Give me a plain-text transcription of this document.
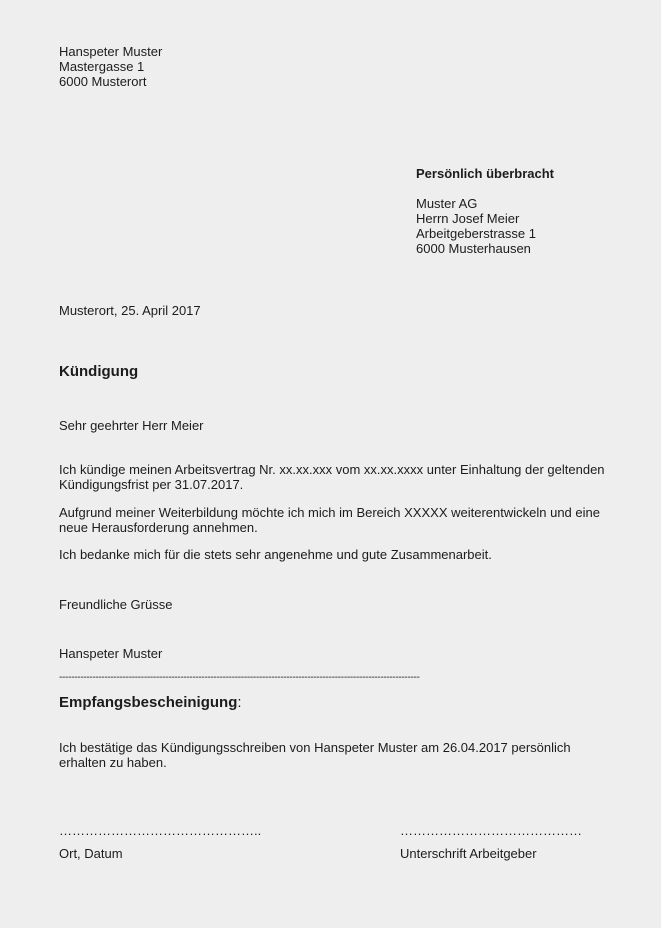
Hanspeter Muster
Mastergasse 1
6000 Musterort
Persönlich überbracht
Muster AG
Herrn Josef Meier
Arbeitgeberstrasse 1
6000 Musterhausen
Musterort, 25. April 2017
Kündigung
Sehr geehrter Herr Meier
Ich kündige meinen Arbeitsvertrag Nr. xx.xx.xxx vom xx.xx.xxxx unter Einhaltung der geltenden
Kündigungsfrist per 31.07.2017.
Aufgrund meiner Weiterbildung möchte ich mich im Bereich XXXXX weiterentwickeln und eine
neue Herausforderung annehmen.
Ich bedanke mich für die stets sehr angenehme und gute Zusammenarbeit.
Freundliche Grüsse
Hanspeter Muster
-----------------------------------------------------------------------------------------------------------------------
Empfangsbescheinigung:
Ich bestätige das Kündigungsschreiben von Hanspeter Muster am 26.04.2017 persönlich
erhalten zu haben.
………………………………………..	……………………………………
Ort, Datum	Unterschrift Arbeitgeber
